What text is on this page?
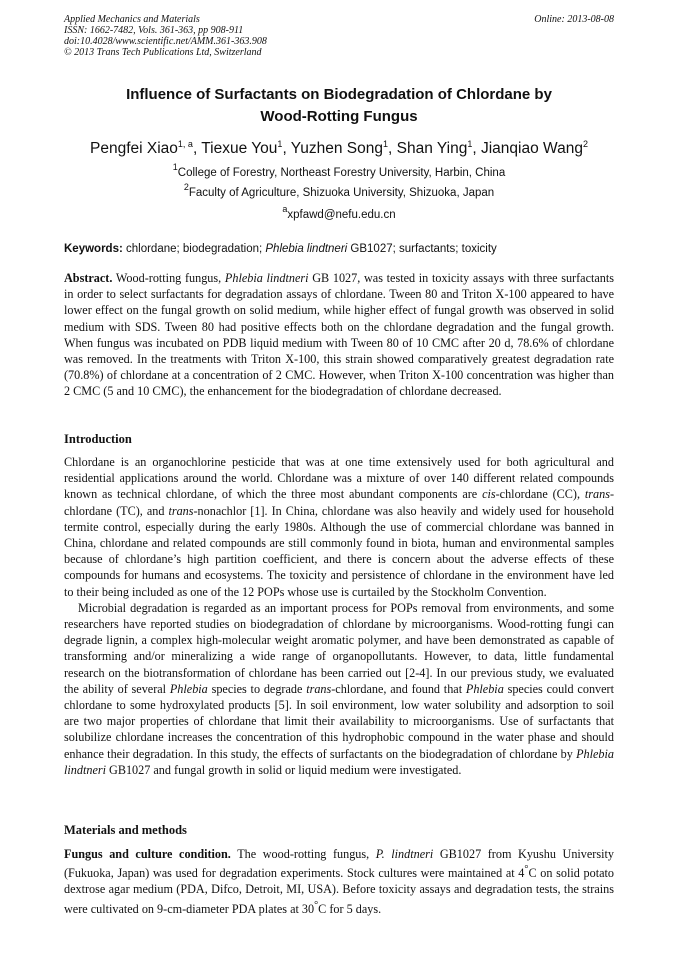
Applied Mechanics and Materials
ISSN: 1662-7482, Vols. 361-363, pp 908-911
doi:10.4028/www.scientific.net/AMM.361-363.908
© 2013 Trans Tech Publications Ltd, Switzerland
Online: 2013-08-08
Influence of Surfactants on Biodegradation of Chlordane by
Wood-Rotting Fungus
Pengfei Xiao$^{1, a}$, Tiexue You$^1$, Yuzhen Song$^1$, Shan Ying$^1$, Jianqiao Wang$^2$
$^1$College of Forestry, Northeast Forestry University, Harbin, China
$^2$Faculty of Agriculture, Shizuoka University, Shizuoka, Japan
$^a$xpfawd@nefu.edu.cn
Keywords: chlordane; biodegradation; Phlebia lindtneri GB1027; surfactants; toxicity

Abstract. Wood-rotting fungus, Phlebia lindtneri GB 1027, was tested in toxicity assays with three surfactants in order to select surfactants for degradation assays of chlordane. Tween 80 and Triton X-100 appeared to have lower effect on the fungal growth on solid medium, while higher effect of fungal growth was observed in solid medium with SDS. Tween 80 had positive effects both on the chlordane degradation and the fungal growth. When fungus was incubated on PDB liquid medium with Tween 80 of 10 CMC after 20 d, 78.6% of chlordane was removed. In the treatments with Triton X-100, this strain showed comparatively greatest degradation rate (70.8%) of chlordane at a concentration of 2 CMC. However, when Triton X-100 concentration was higher than 2 CMC (5 and 10 CMC), the enhancement for the biodegradation of chlordane decreased.

Introduction

Chlordane is an organochlorine pesticide that was at one time extensively used for both agricultural and residential applications around the world. Chlordane was a mixture of over 140 different related compounds known as technical chlordane, of which the three most abundant components are cis-chlordane (CC), trans-chlordane (TC), and trans-nonachlor [1]. In China, chlordane was also heavily and widely used for household termite control, especially during the early 1980s. Although the use of commercial chlordane was banned in China, chlordane and related compounds are still commonly found in biota, human and environmental samples because of chlordane’s high partition coefficient, and there is concern about the adverse effects of these compounds for humans and ecosystems. The toxicity and persistence of chlordane in the environment have led to their being included as one of the 12 POPs whose use is curtailed by the Stockholm Convention.

Microbial degradation is regarded as an important process for POPs removal from environments, and some researchers have reported studies on biodegradation of chlordane by microorganisms. Wood-rotting fungi can degrade lignin, a complex high-molecular weight aromatic polymer, and have been demonstrated as capable of transforming and/or mineralizing a wide range of organopollutants. However, to data, little fundamental research on the biotransformation of chlordane has been carried out [2-4]. In our previous study, we evaluated the ability of several Phlebia species to degrade trans-chlordane, and found that Phlebia species could convert chlordane to some hydroxylated products [5]. In soil environment, low water solubility and adsorption to soil are two major properties of chlordane that limit their availability to microorganisms. Use of surfactants that solubilize chlordane increases the concentration of this hydrophobic compound in the water phase and should enhance their degradation. In this study, the effects of surfactants on the biodegradation of chlordane by Phlebia lindtneri GB1027 and fungal growth in solid or liquid medium were investigated.

Materials and methods

Fungus and culture condition. The wood-rotting fungus, P. lindtneri GB1027 from Kyushu University (Fukuoka, Japan) was used for degradation experiments. Stock cultures were maintained at 4°C on solid potato dextrose agar medium (PDA, Difco, Detroit, MI, USA). Before toxicity assays and degradation tests, the strains were cultivated on 9-cm-diameter PDA plates at 30°C for 5 days.
